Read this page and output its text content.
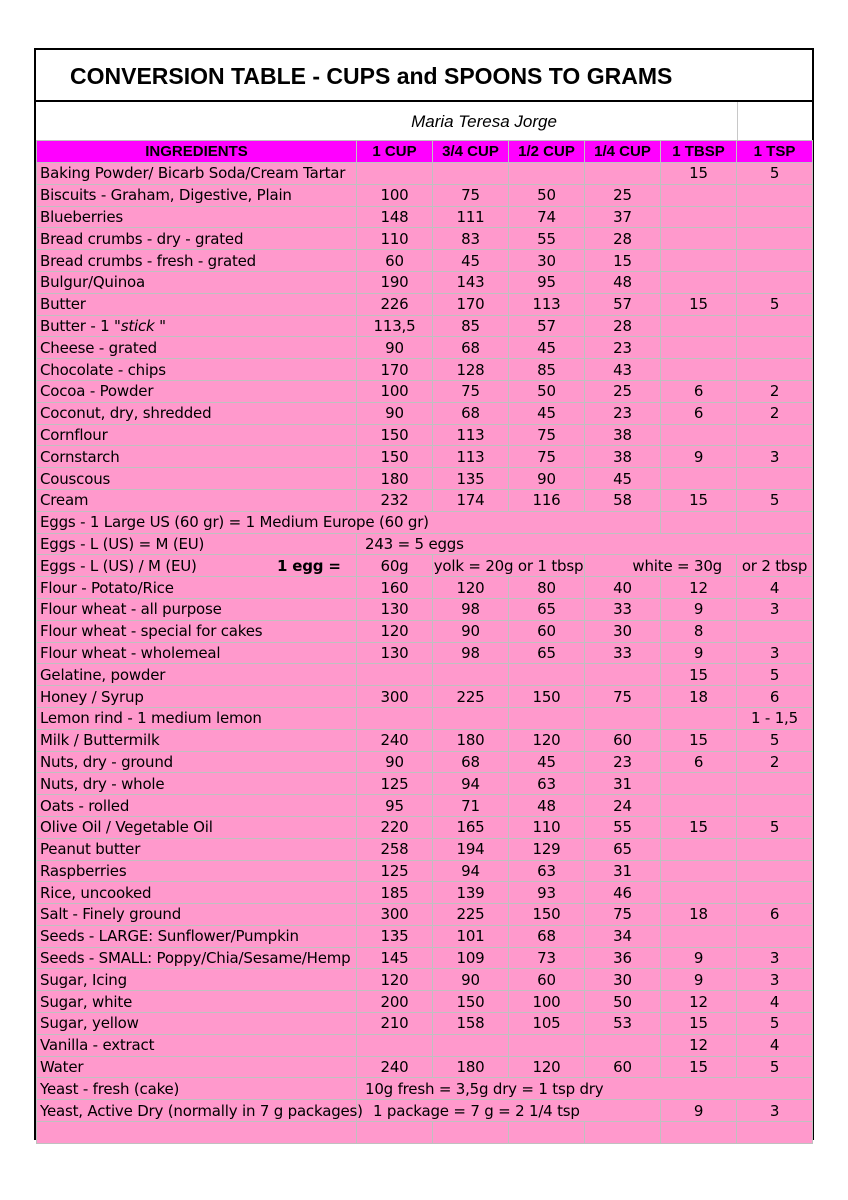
CONVERSION TABLE - CUPS and SPOONS TO GRAMS
Maria Teresa Jorge
INGREDIENTS	1 CUP	3/4 CUP	1/2 CUP	1/4 CUP	1 TBSP	1 TSP
Baking Powder/ Bicarb Soda/Cream Tartar					15	5
Biscuits - Graham, Digestive, Plain	100	75	50	25		
Blueberries	148	111	74	37		
Bread crumbs - dry - grated	110	83	55	28		
Bread crumbs - fresh - grated	60	45	30	15		
Bulgur/Quinoa	190	143	95	48		
Butter	226	170	113	57	15	5
Butter - 1 "stick "	113,5	85	57	28		
Cheese - grated	90	68	45	23		
Chocolate - chips	170	128	85	43		
Cocoa - Powder	100	75	50	25	6	2
Coconut, dry, shredded	90	68	45	23	6	2
Cornflour	150	113	75	38		
Cornstarch	150	113	75	38	9	3
Couscous	180	135	90	45		
Cream	232	174	116	58	15	5
Eggs - 1 Large US (60 gr) = 1 Medium Europe (60 gr)						
Eggs - L (US) = M (EU)	243 = 5 eggs					
Eggs - L (US) / M (EU) 1 egg =	60g	yolk = 20g or 1 tbsp		white = 30g		or 2 tbsp
Flour - Potato/Rice	160	120	80	40	12	4
Flour wheat - all purpose	130	98	65	33	9	3
Flour wheat - special for cakes	120	90	60	30	8	
Flour wheat - wholemeal	130	98	65	33	9	3
Gelatine, powder					15	5
Honey / Syrup	300	225	150	75	18	6
Lemon rind - 1 medium lemon						1 - 1,5
Milk / Buttermilk	240	180	120	60	15	5
Nuts, dry - ground	90	68	45	23	6	2
Nuts, dry - whole	125	94	63	31		
Oats - rolled	95	71	48	24		
Olive Oil / Vegetable Oil	220	165	110	55	15	5
Peanut butter	258	194	129	65		
Raspberries	125	94	63	31		
Rice, uncooked	185	139	93	46		
Salt - Finely ground	300	225	150	75	18	6
Seeds - LARGE: Sunflower/Pumpkin	135	101	68	34		
Seeds - SMALL: Poppy/Chia/Sesame/Hemp	145	109	73	36	9	3
Sugar, Icing	120	90	60	30	9	3
Sugar, white	200	150	100	50	12	4
Sugar, yellow	210	158	105	53	15	5
Vanilla - extract					12	4
Water	240	180	120	60	15	5
Yeast - fresh (cake)	10g fresh = 3,5g dry = 1 tsp dry					
Yeast, Active Dry (normally in 7 g packages)	1 package = 7 g = 2 1/4 tsp				9	3
